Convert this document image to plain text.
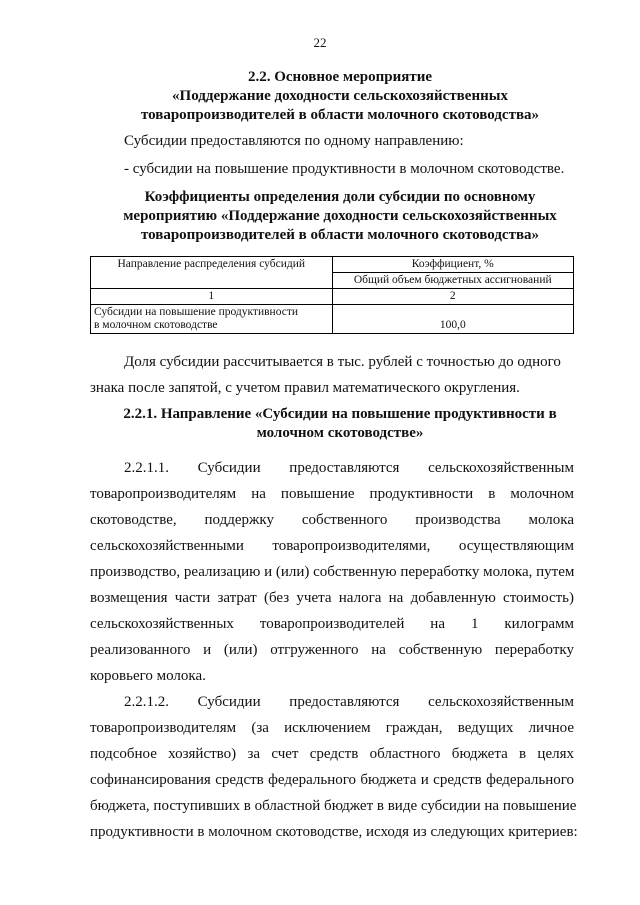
22
2.2. Основное мероприятие
«Поддержание доходности сельскохозяйственных
товаропроизводителей в области молочного скотоводства»
Субсидии предоставляются по одному направлению:
- субсидии на повышение продуктивности в молочном скотоводстве.
Коэффициенты определения доли субсидии по основному
мероприятию «Поддержание доходности сельскохозяйственных
товаропроизводителей в области молочного скотоводства»
Направление распределения субсидий	Коэффициент, %
	Общий объем бюджетных ассигнований
1	2

Субсидии на повышение продуктивности
в молочном скотоводстве	100,0
Доля субсидии рассчитывается в тыс. рублей с точностью до одного
знака после запятой, с учетом правил математического округления.
2.2.1. Направление «Субсидии на повышение продуктивности в
молочном скотоводстве»
2.2.1.1. Субсидии предоставляются сельскохозяйственным
товаропроизводителям на повышение продуктивности в молочном
скотоводстве, поддержку собственного производства молока
сельскохозяйственными товаропроизводителями, осуществляющим
производство, реализацию и (или) собственную переработку молока, путем
возмещения части затрат (без учета налога на добавленную стоимость)
сельскохозяйственных товаропроизводителей на 1 килограмм
реализованного и (или) отгруженного на собственную переработку
коровьего молока.
2.2.1.2. Субсидии предоставляются сельскохозяйственным
товаропроизводителям (за исключением граждан, ведущих личное
подсобное хозяйство) за счет средств областного бюджета в целях
софинансирования средств федерального бюджета и средств федерального
бюджета, поступивших в областной бюджет в виде субсидии на повышение
продуктивности в молочном скотоводстве, исходя из следующих критериев:
